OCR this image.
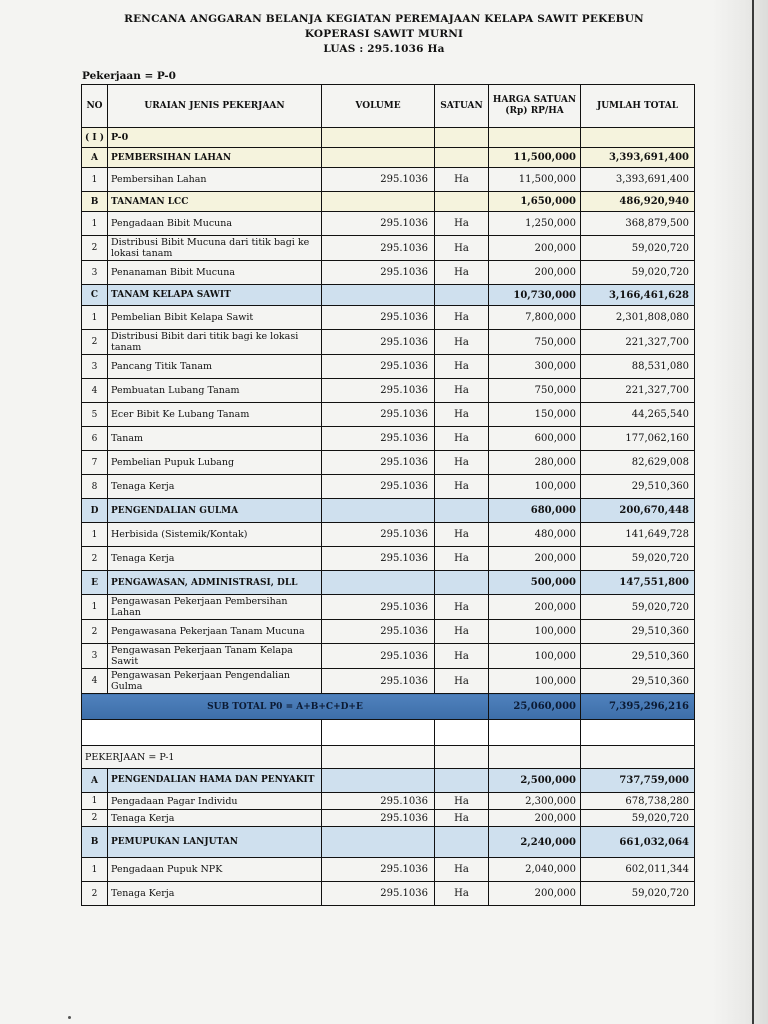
RENCANA ANGGARAN BELANJA KEGIATAN PEREMAJAAN KELAPA SAWIT PEKEBUN
KOPERASI SAWIT MURNI
LUAS : 295.1036 Ha
Pekerjaan = P-0
NO	URAIAN JENIS PEKERJAAN	VOLUME	SATUAN	HARGA SATUAN (Rp) RP/HA	JUMLAH TOTAL
( I )	P-0				
A	PEMBERSIHAN LAHAN			11,500,000	3,393,691,400
1	Pembersihan Lahan	295.1036	Ha	11,500,000	3,393,691,400
B	TANAMAN LCC			1,650,000	486,920,940
1	Pengadaan Bibit Mucuna	295.1036	Ha	1,250,000	368,879,500
2	Distribusi Bibit Mucuna dari titik bagi ke lokasi tanam	295.1036	Ha	200,000	59,020,720
3	Penanaman Bibit Mucuna	295.1036	Ha	200,000	59,020,720
C	TANAM KELAPA SAWIT			10,730,000	3,166,461,628
1	Pembelian Bibit Kelapa Sawit	295.1036	Ha	7,800,000	2,301,808,080
2	Distribusi Bibit dari titik bagi ke lokasi tanam	295.1036	Ha	750,000	221,327,700
3	Pancang Titik Tanam	295.1036	Ha	300,000	88,531,080
4	Pembuatan Lubang Tanam	295.1036	Ha	750,000	221,327,700
5	Ecer Bibit Ke Lubang Tanam	295.1036	Ha	150,000	44,265,540
6	Tanam	295.1036	Ha	600,000	177,062,160
7	Pembelian Pupuk Lubang	295.1036	Ha	280,000	82,629,008
8	Tenaga Kerja	295.1036	Ha	100,000	29,510,360
D	PENGENDALIAN GULMA			680,000	200,670,448
1	Herbisida (Sistemik/Kontak)	295.1036	Ha	480,000	141,649,728
2	Tenaga Kerja	295.1036	Ha	200,000	59,020,720
E	PENGAWASAN, ADMINISTRASI, DLL			500,000	147,551,800
1	Pengawasan Pekerjaan Pembersihan Lahan	295.1036	Ha	200,000	59,020,720
2	Pengawasana Pekerjaan Tanam Mucuna	295.1036	Ha	100,000	29,510,360
3	Pengawasan Pekerjaan Tanam Kelapa Sawit	295.1036	Ha	100,000	29,510,360
4	Pengawasan Pekerjaan Pengendalian Gulma	295.1036	Ha	100,000	29,510,360
SUB TOTAL P0 = A+B+C+D+E				25,060,000	7,395,296,216

PEKERJAAN = P-1					
A	PENGENDALIAN HAMA DAN PENYAKIT			2,500,000	737,759,000
1	Pengadaan Pagar Individu	295.1036	Ha	2,300,000	678,738,280
2	Tenaga Kerja	295.1036	Ha	200,000	59,020,720
B	PEMUPUKAN LANJUTAN			2,240,000	661,032,064
1	Pengadaan Pupuk NPK	295.1036	Ha	2,040,000	602,011,344
2	Tenaga Kerja	295.1036	Ha	200,000	59,020,720
